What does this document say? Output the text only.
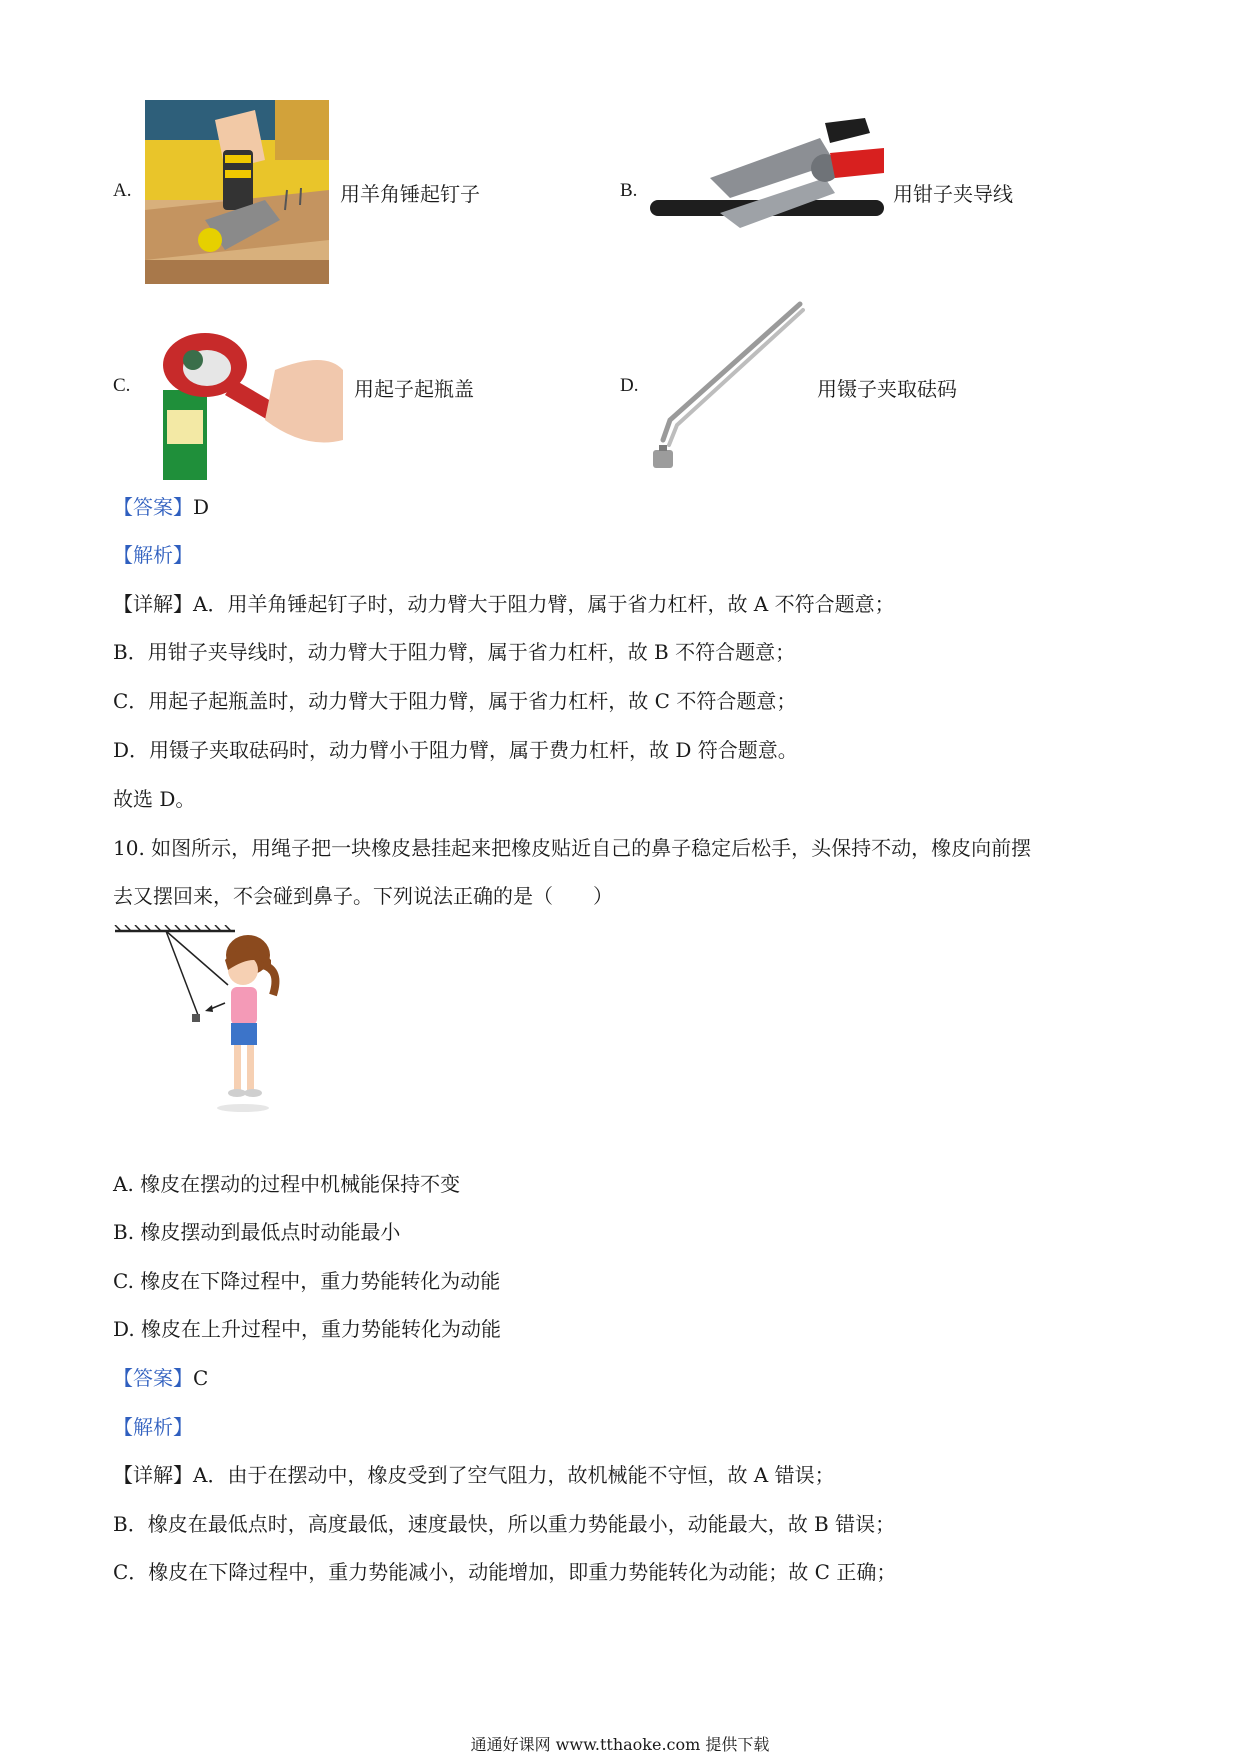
A.	用羊角锤起钉子	B.	用钳子夹导线
C.	用起子起瓶盖	D.	用镊子夹取砝码
【答案】D
【解析】
【详解】A．用羊角锤起钉子时，动力臂大于阻力臂，属于省力杠杆，故 A 不符合题意；
B．用钳子夹导线时，动力臂大于阻力臂，属于省力杠杆，故 B 不符合题意；
C．用起子起瓶盖时，动力臂大于阻力臂，属于省力杠杆，故 C 不符合题意；
D．用镊子夹取砝码时，动力臂小于阻力臂，属于费力杠杆，故 D 符合题意。
故选 D。
10. 如图所示，用绳子把一块橡皮悬挂起来把橡皮贴近自己的鼻子稳定后松手，头保持不动，橡皮向前摆
去又摆回来，不会碰到鼻子。下列说法正确的是（　　）
A. 橡皮在摆动的过程中机械能保持不变
B. 橡皮摆动到最低点时动能最小
C. 橡皮在下降过程中，重力势能转化为动能
D. 橡皮在上升过程中，重力势能转化为动能
【答案】C
【解析】
【详解】A．由于在摆动中，橡皮受到了空气阻力，故机械能不守恒，故 A 错误；
B．橡皮在最低点时，高度最低，速度最快，所以重力势能最小，动能最大，故 B 错误；
C．橡皮在下降过程中，重力势能减小，动能增加，即重力势能转化为动能；故 C 正确；
通通好课网 www.tthaoke.com 提供下载
